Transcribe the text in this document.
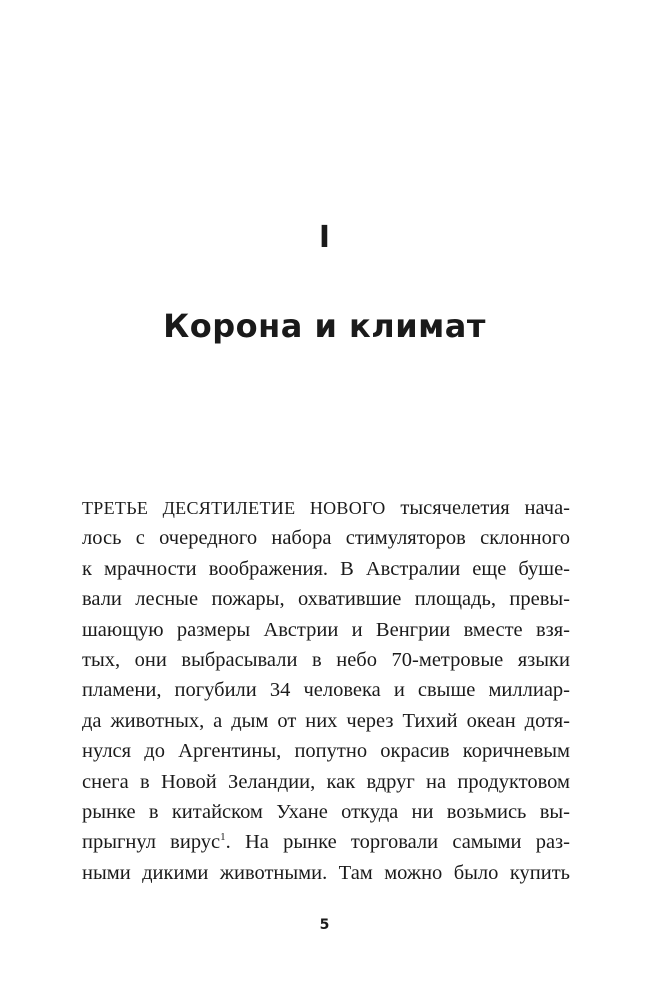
I
Корона и климат
ТРЕТЬЕ ДЕСЯТИЛЕТИЕ НОВОГО тысячелетия нача-
лось с очередного набора стимуляторов склонного
к мрачности воображения. В Австралии еще буше-
вали лесные пожары, охватившие площадь, превы-
шающую размеры Австрии и Венгрии вместе взя-
тых, они выбрасывали в небо 70-метровые языки
пламени, погубили 34 человека и свыше миллиар-
да животных, а дым от них через Тихий океан дотя-
нулся до Аргентины, попутно окрасив коричневым
снега в Новой Зеландии, как вдруг на продуктовом
рынке в китайском Ухане откуда ни возьмись вы-
прыгнул вирус$^1$. На рынке торговали самыми раз-
ными дикими животными. Там можно было купить
5
